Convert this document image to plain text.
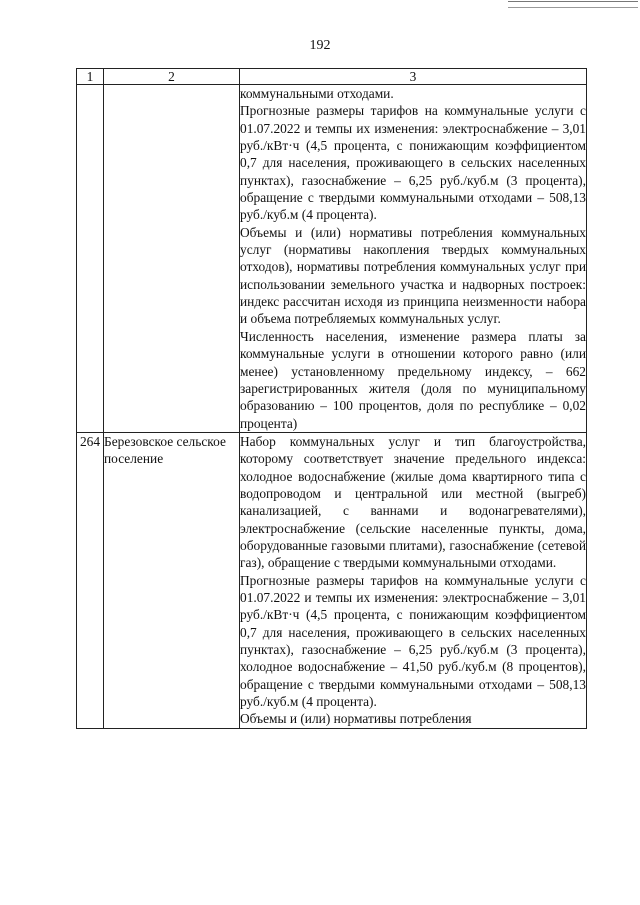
192
1	2	3

		коммунальными отходами.

Прогнозные размеры тарифов на коммунальные услуги с 01.07.2022 и темпы их изменения: электроснабжение – 3,01 руб./кВт·ч (4,5 процента, с понижающим коэффициентом 0,7 для населения, проживающего в сельских населенных пунктах), газоснабжение – 6,25 руб./куб.м (3 процента), обращение с твердыми коммунальными отходами – 508,13 руб./куб.м (4 процента).

Объемы и (или) нормативы потребления коммунальных услуг (нормативы накопления твердых коммунальных отходов), нормативы потребления коммунальных услуг при использовании земельного участка и надворных построек: индекс рассчитан исходя из принципа неизменности набора и объема потребляемых коммунальных услуг.

Численность населения, изменение размера платы за коммунальные услуги в отношении которого равно (или менее) установленному предельному индексу, – 662 зарегистрированных жителя (доля по муниципальному образованию – 100 процентов, доля по республике – 0,02 процента)

264	Березовское сельское поселение	Набор коммунальных услуг и тип благоустройства, которому соответствует значение предельного индекса: холодное водоснабжение (жилые дома квартирного типа с водопроводом и центральной или местной (выгреб) канализацией, с ваннами и водонагревателями), электроснабжение (сельские населенные пункты, дома, оборудованные газовыми плитами), газоснабжение (сетевой газ), обращение с твердыми коммунальными отходами.

Прогнозные размеры тарифов на коммунальные услуги с 01.07.2022 и темпы их изменения: электроснабжение – 3,01 руб./кВт·ч (4,5 процента, с понижающим коэффициентом 0,7 для населения, проживающего в сельских населенных пунктах), газоснабжение – 6,25 руб./куб.м (3 процента), холодное водоснабжение – 41,50 руб./куб.м (8 процентов), обращение с твердыми коммунальными отходами – 508,13 руб./куб.м (4 процента).

Объемы и (или) нормативы потребления
